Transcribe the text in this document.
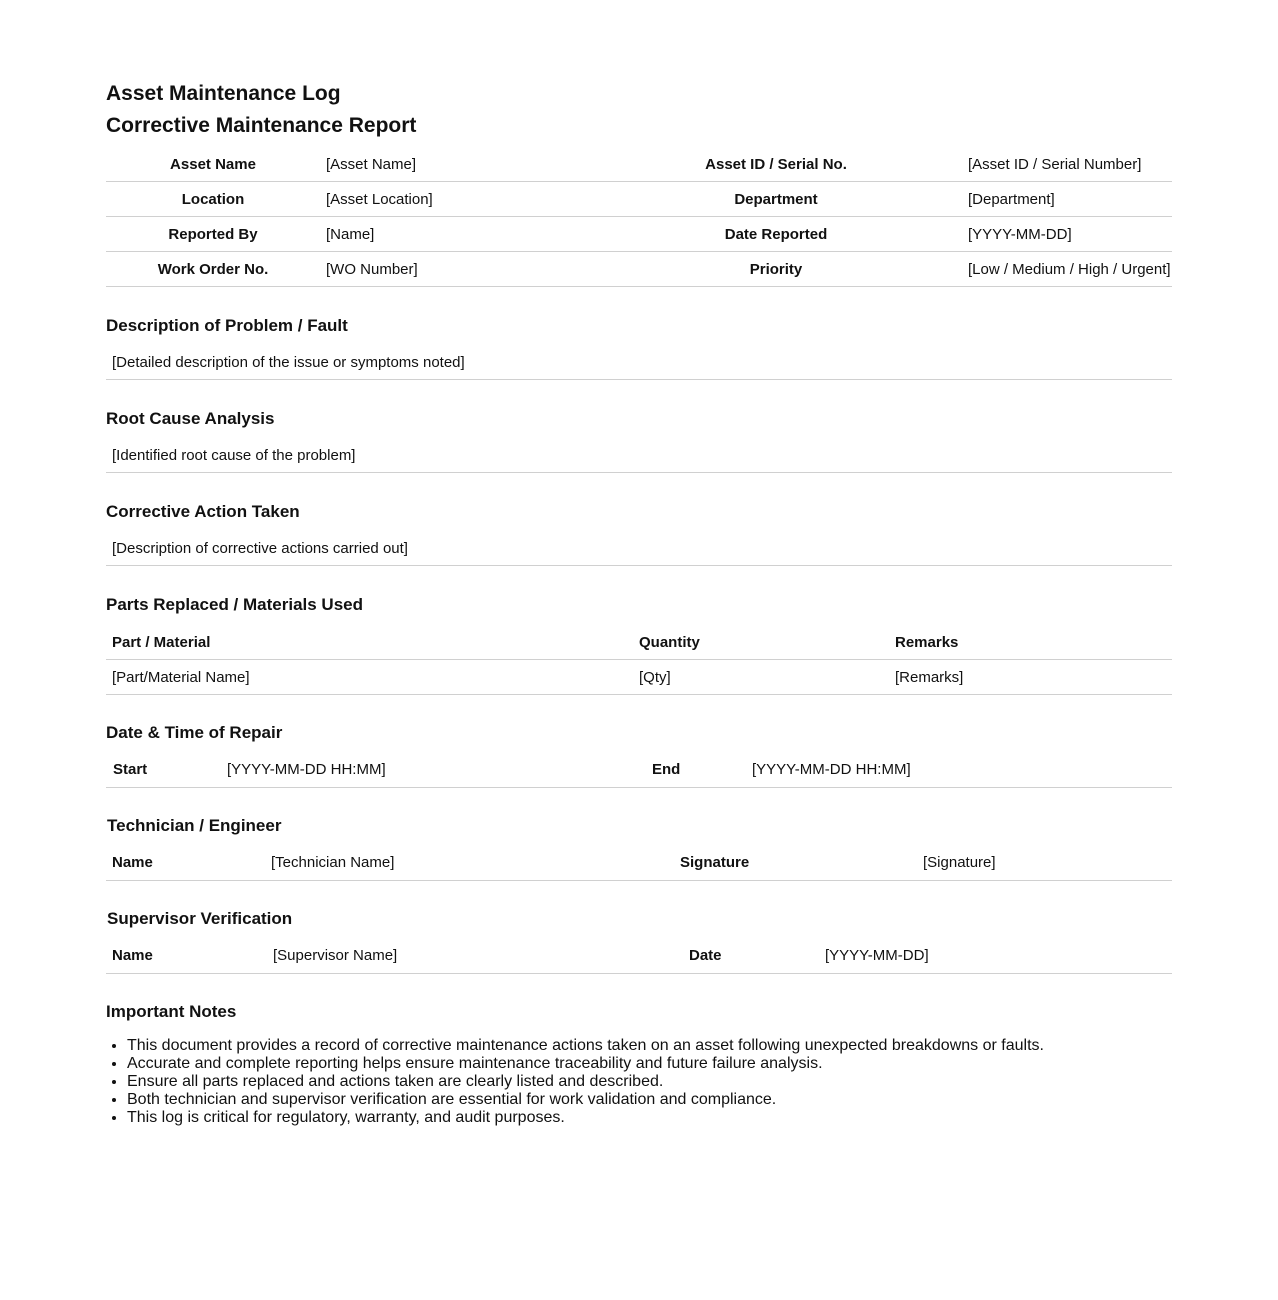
Asset Maintenance Log
Corrective Maintenance Report
Asset Name	[Asset Name]	Asset ID / Serial No.	[Asset ID / Serial Number]
Location	[Asset Location]	Department	[Department]
Reported By	[Name]	Date Reported	[YYYY-MM-DD]
Work Order No.	[WO Number]	Priority	[Low / Medium / High / Urgent]
Description of Problem / Fault
[Detailed description of the issue or symptoms noted]
Root Cause Analysis
[Identified root cause of the problem]
Corrective Action Taken
[Description of corrective actions carried out]
Parts Replaced / Materials Used
Part / Material	Quantity	Remarks
[Part/Material Name]	[Qty]	[Remarks]
Date & Time of Repair
Start	[YYYY-MM-DD HH:MM]	End	[YYYY-MM-DD HH:MM]
Technician / Engineer
Name	[Technician Name]	Signature	[Signature]
Supervisor Verification
Name	[Supervisor Name]	Date	[YYYY-MM-DD]
Important Notes
• This document provides a record of corrective maintenance actions taken on an asset following unexpected breakdowns or faults.
• Accurate and complete reporting helps ensure maintenance traceability and future failure analysis.
• Ensure all parts replaced and actions taken are clearly listed and described.
• Both technician and supervisor verification are essential for work validation and compliance.
• This log is critical for regulatory, warranty, and audit purposes.
